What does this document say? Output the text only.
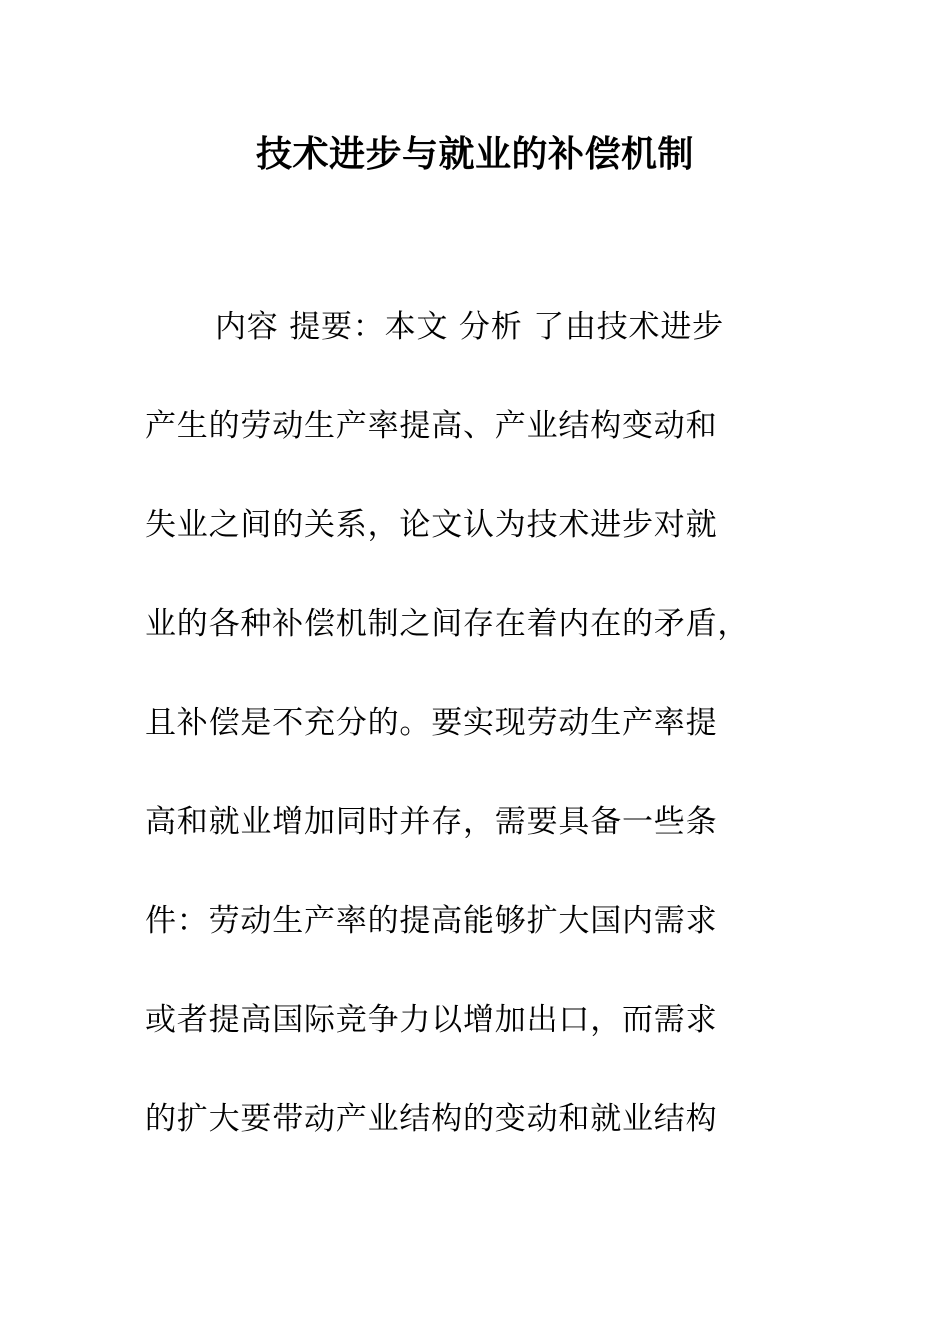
技术进步与就业的补偿机制
内容 提要：本文 分析 了由技术进步
产生的劳动生产率提高、产业结构变动和
失业之间的关系，论文认为技术进步对就
业的各种补偿机制之间存在着内在的矛盾，
且补偿是不充分的。要实现劳动生产率提
高和就业增加同时并存，需要具备一些条
件：劳动生产率的提高能够扩大国内需求
或者提高国际竞争力以增加出口，而需求
的扩大要带动产业结构的变动和就业结构
